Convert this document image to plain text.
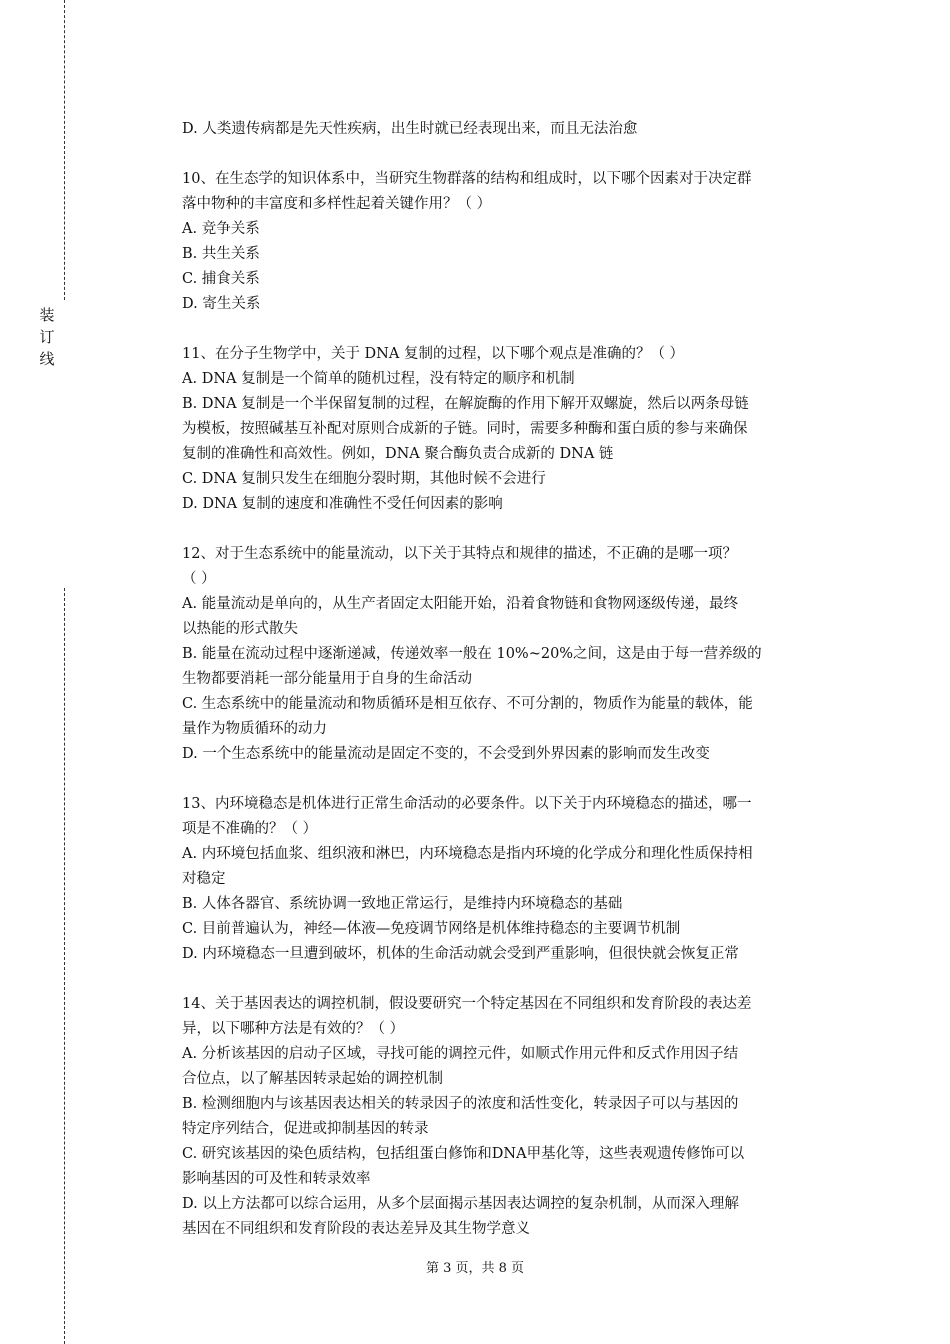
装订线
D. 人类遗传病都是先天性疾病，出生时就已经表现出来，而且无法治愈
10、在生态学的知识体系中，当研究生物群落的结构和组成时，以下哪个因素对于决定群
落中物种的丰富度和多样性起着关键作用？（ ）
A. 竞争关系
B. 共生关系
C. 捕食关系
D. 寄生关系
11、在分子生物学中，关于 DNA 复制的过程，以下哪个观点是准确的？（ ）
A. DNA 复制是一个简单的随机过程，没有特定的顺序和机制
B. DNA 复制是一个半保留复制的过程，在解旋酶的作用下解开双螺旋，然后以两条母链
为模板，按照碱基互补配对原则合成新的子链。同时，需要多种酶和蛋白质的参与来确保
复制的准确性和高效性。例如，DNA 聚合酶负责合成新的 DNA 链
C. DNA 复制只发生在细胞分裂时期，其他时候不会进行
D. DNA 复制的速度和准确性不受任何因素的影响
12、对于生态系统中的能量流动，以下关于其特点和规律的描述，不正确的是哪一项？
（ ）
A. 能量流动是单向的，从生产者固定太阳能开始，沿着食物链和食物网逐级传递，最终
以热能的形式散失
B. 能量在流动过程中逐渐递减，传递效率一般在 10%~20%之间，这是由于每一营养级的
生物都要消耗一部分能量用于自身的生命活动
C. 生态系统中的能量流动和物质循环是相互依存、不可分割的，物质作为能量的载体，能
量作为物质循环的动力
D. 一个生态系统中的能量流动是固定不变的，不会受到外界因素的影响而发生改变
13、内环境稳态是机体进行正常生命活动的必要条件。以下关于内环境稳态的描述，哪一
项是不准确的？（ ）
A. 内环境包括血浆、组织液和淋巴，内环境稳态是指内环境的化学成分和理化性质保持相
对稳定
B. 人体各器官、系统协调一致地正常运行，是维持内环境稳态的基础
C. 目前普遍认为，神经—体液—免疫调节网络是机体维持稳态的主要调节机制
D. 内环境稳态一旦遭到破坏，机体的生命活动就会受到严重影响，但很快就会恢复正常
14、关于基因表达的调控机制，假设要研究一个特定基因在不同组织和发育阶段的表达差
异，以下哪种方法是有效的？（ ）
A. 分析该基因的启动子区域，寻找可能的调控元件，如顺式作用元件和反式作用因子结
合位点，以了解基因转录起始的调控机制
B. 检测细胞内与该基因表达相关的转录因子的浓度和活性变化，转录因子可以与基因的
特定序列结合，促进或抑制基因的转录
C. 研究该基因的染色质结构，包括组蛋白修饰和DNA甲基化等，这些表观遗传修饰可以
影响基因的可及性和转录效率
D. 以上方法都可以综合运用，从多个层面揭示基因表达调控的复杂机制，从而深入理解
基因在不同组织和发育阶段的表达差异及其生物学意义
第 3 页，共 8 页
